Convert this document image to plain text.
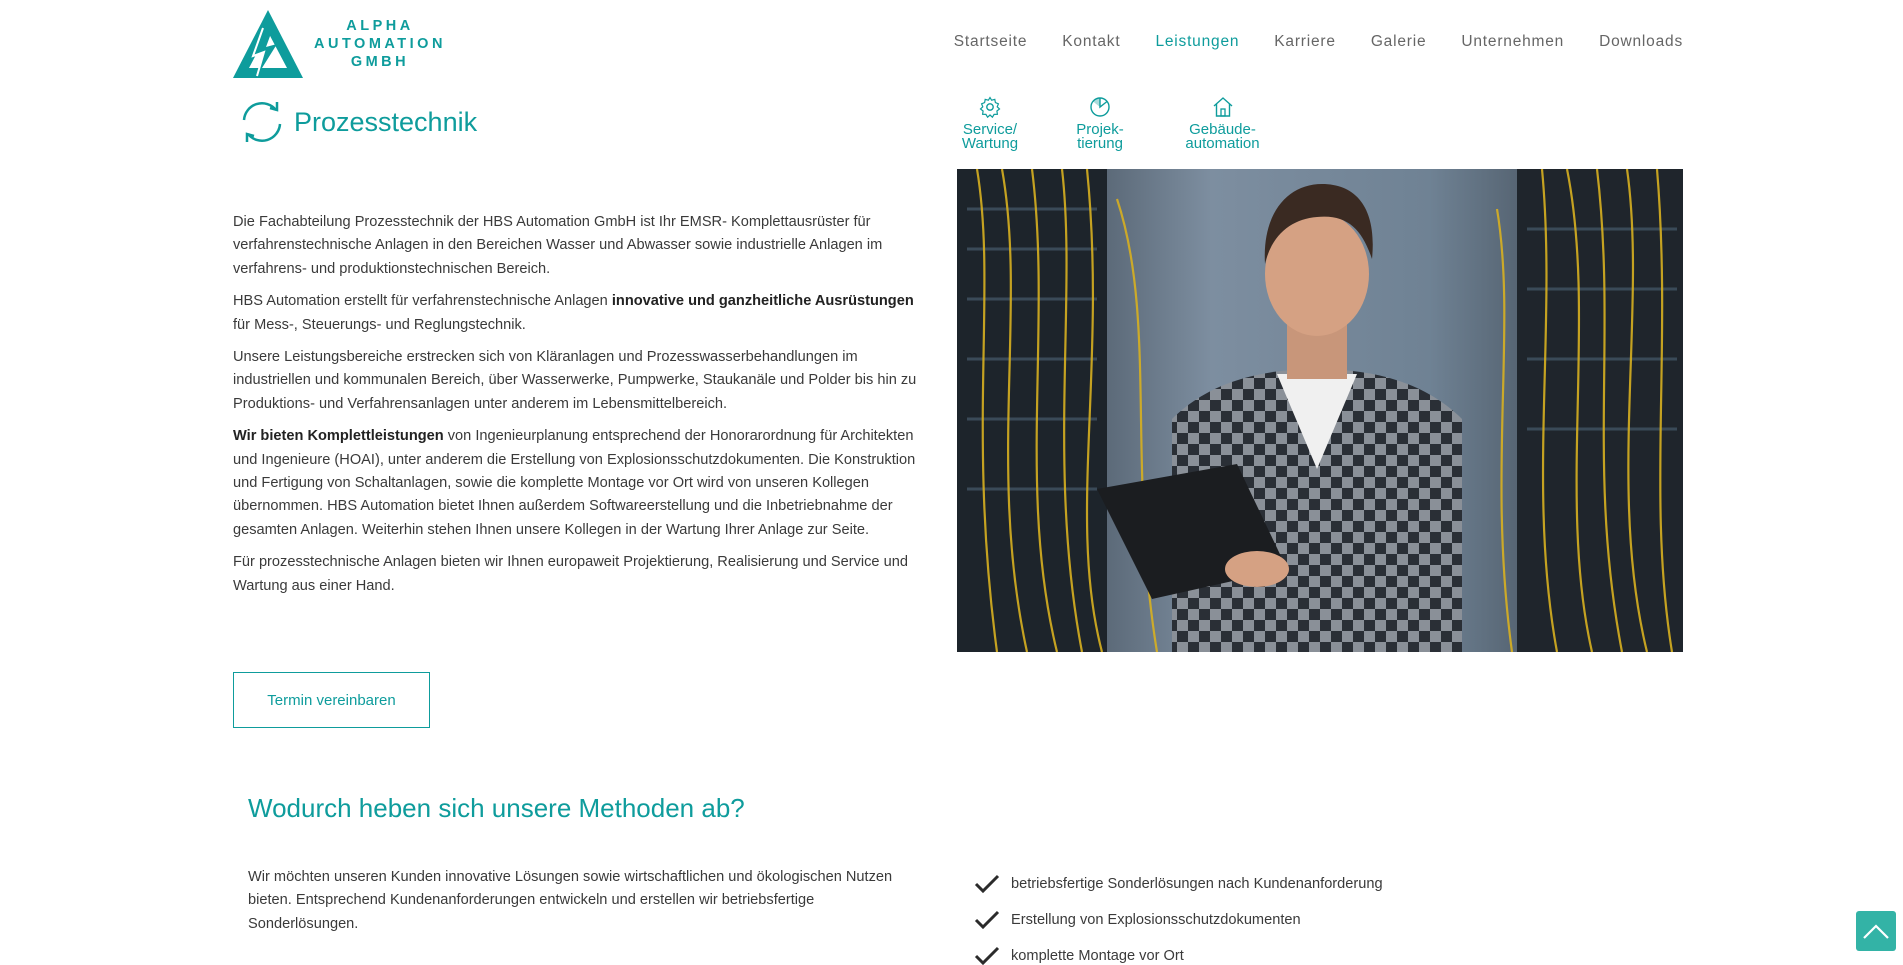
ALPHA
AUTOMATION
GMBH
Startseite Kontakt Leistungen Karriere Galerie Unternehmen Downloads
Prozesstechnik	Service/
Wartung
Projek-
tierung
Gebäude-
automation

Die Fachabteilung Prozesstechnik der HBS Automation GmbH ist Ihr EMSR- Komplettausrüster für verfahrenstechnische Anlagen in den Bereichen Wasser und Abwasser sowie industrielle Anlagen im verfahrens- und produktionstechnischen Bereich.

HBS Automation erstellt für verfahrenstechnische Anlagen innovative und ganzheitliche Ausrüstungen für Mess-, Steuerungs- und Reglungstechnik.

Unsere Leistungsbereiche erstrecken sich von Kläranlagen und Prozesswasserbehandlungen im industriellen und kommunalen Bereich, über Wasserwerke, Pumpwerke, Staukanäle und Polder bis hin zu Produktions- und Verfahrensanlagen unter anderem im Lebensmittelbereich.

Wir bieten Komplettleistungen von Ingenieurplanung entsprechend der Honorarordnung für Architekten und Ingenieure (HOAI), unter anderem die Erstellung von Explosionsschutzdokumenten. Die Konstruktion und Fertigung von Schaltanlagen, sowie die komplette Montage vor Ort wird von unseren Kollegen übernommen. HBS Automation bietet Ihnen außerdem Softwareerstellung und die Inbetriebnahme der gesamten Anlagen. Weiterhin stehen Ihnen unsere Kollegen in der Wartung Ihrer Anlage zur Seite.

Für prozesstechnische Anlagen bieten wir Ihnen europaweit Projektierung, Realisierung und Service und Wartung aus einer Hand.

Termin vereinbaren
Wodurch heben sich unsere Methoden ab?

Wir möchten unseren Kunden innovative Lösungen sowie wirtschaftlichen und ökologischen Nutzen bieten. Entsprechend Kundenanforderungen entwickeln und erstellen wir betriebsfertige Sonderlösungen.

betriebsfertige Sonderlösungen nach Kundenanforderung
Erstellung von Explosionsschutzdokumenten
komplette Montage vor Ort
